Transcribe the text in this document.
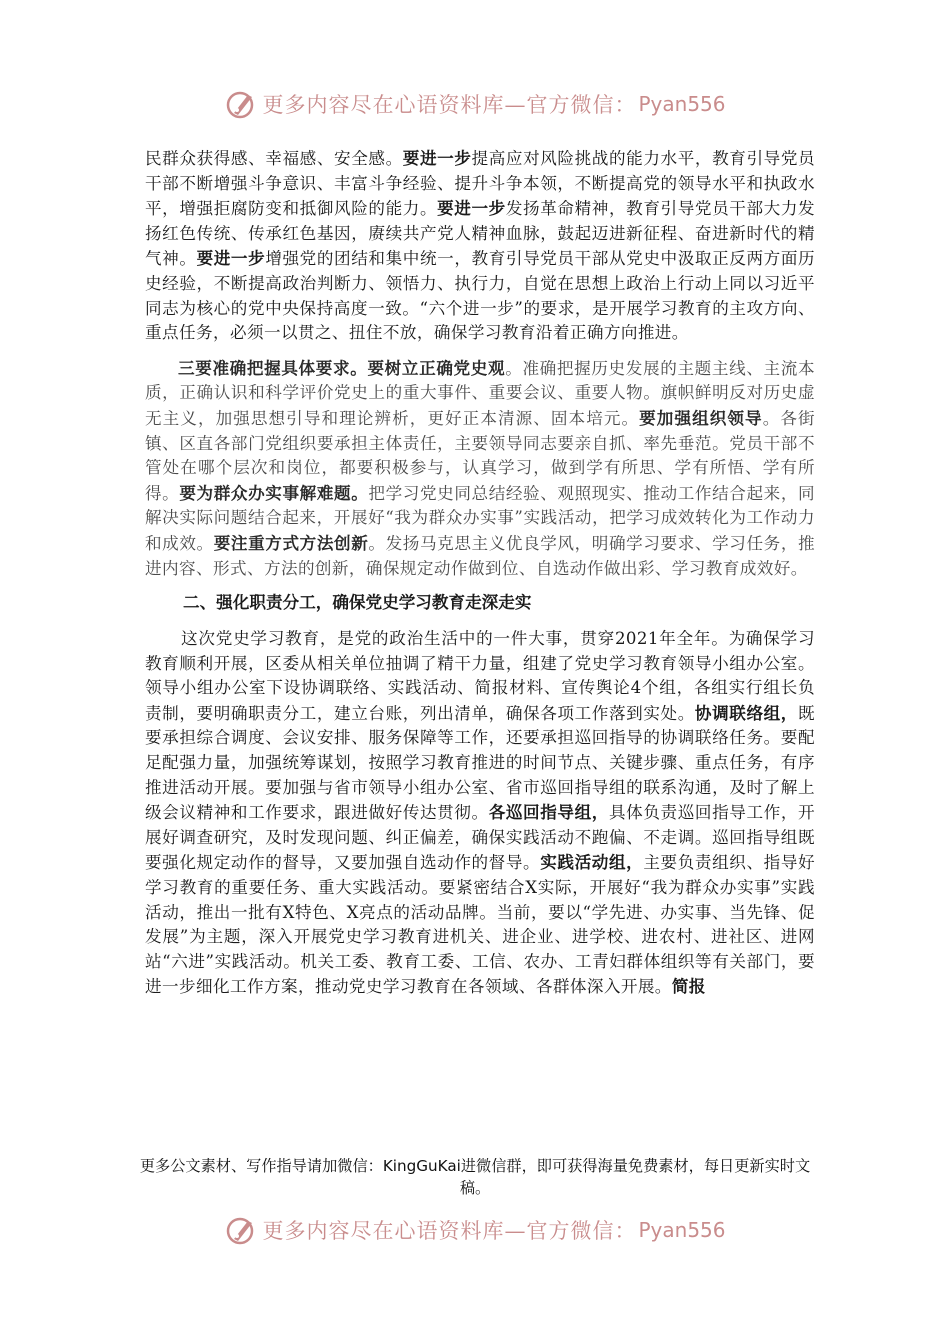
更多内容尽在心语资料库—官方微信： Pyan556

民群众获得感、幸福感、安全感。要进一步提高应对风险挑战的能力水平，教育引导党员干部不断增强斗争意识、丰富斗争经验、提升斗争本领，不断提高党的领导水平和执政水平，增强拒腐防变和抵御风险的能力。要进一步发扬革命精神，教育引导党员干部大力发扬红色传统、传承红色基因，赓续共产党人精神血脉，鼓起迈进新征程、奋进新时代的精气神。要进一步增强党的团结和集中统一，教育引导党员干部从党史中汲取正反两方面历史经验，不断提高政治判断力、领悟力、执行力，自觉在思想上政治上行动上同以习近平同志为核心的党中央保持高度一致。“六个进一步”的要求，是开展学习教育的主攻方向、重点任务，必须一以贯之、扭住不放，确保学习教育沿着正确方向推进。

三要准确把握具体要求。要树立正确党史观。准确把握历史发展的主题主线、主流本质，正确认识和科学评价党史上的重大事件、重要会议、重要人物。旗帜鲜明反对历史虚无主义，加强思想引导和理论辨析，更好正本清源、固本培元。要加强组织领导。各街镇、区直各部门党组织要承担主体责任，主要领导同志要亲自抓、率先垂范。党员干部不管处在哪个层次和岗位，都要积极参与，认真学习，做到学有所思、学有所悟、学有所得。要为群众办实事解难题。把学习党史同总结经验、观照现实、推动工作结合起来，同解决实际问题结合起来，开展好“我为群众办实事”实践活动，把学习成效转化为工作动力和成效。要注重方式方法创新。发扬马克思主义优良学风，明确学习要求、学习任务，推进内容、形式、方法的创新，确保规定动作做到位、自选动作做出彩、学习教育成效好。

二、强化职责分工，确保党史学习教育走深走实

这次党史学习教育，是党的政治生活中的一件大事，贯穿2021年全年。为确保学习教育顺利开展，区委从相关单位抽调了精干力量，组建了党史学习教育领导小组办公室。领导小组办公室下设协调联络、实践活动、简报材料、宣传舆论4个组，各组实行组长负责制，要明确职责分工，建立台账，列出清单，确保各项工作落到实处。协调联络组，既要承担综合调度、会议安排、服务保障等工作，还要承担巡回指导的协调联络任务。要配足配强力量，加强统筹谋划，按照学习教育推进的时间节点、关键步骤、重点任务，有序推进活动开展。要加强与省市领导小组办公室、省市巡回指导组的联系沟通，及时了解上级会议精神和工作要求，跟进做好传达贯彻。各巡回指导组，具体负责巡回指导工作，开展好调查研究，及时发现问题、纠正偏差，确保实践活动不跑偏、不走调。巡回指导组既要强化规定动作的督导，又要加强自选动作的督导。实践活动组，主要负责组织、指导好学习教育的重要任务、重大实践活动。要紧密结合X实际，开展好“我为群众办实事”实践活动，推出一批有X特色、X亮点的活动品牌。当前，要以“学先进、办实事、当先锋、促发展”为主题，深入开展党史学习教育进机关、进企业、进学校、进农村、进社区、进网站“六进”实践活动。机关工委、教育工委、工信、农办、工青妇群体组织等有关部门，要进一步细化工作方案，推动党史学习教育在各领域、各群体深入开展。简报

更多公文素材、写作指导请加微信：KingGuKai进微信群，即可获得海量免费素材，每日更新实时文稿。
更多内容尽在心语资料库—官方微信： Pyan556
